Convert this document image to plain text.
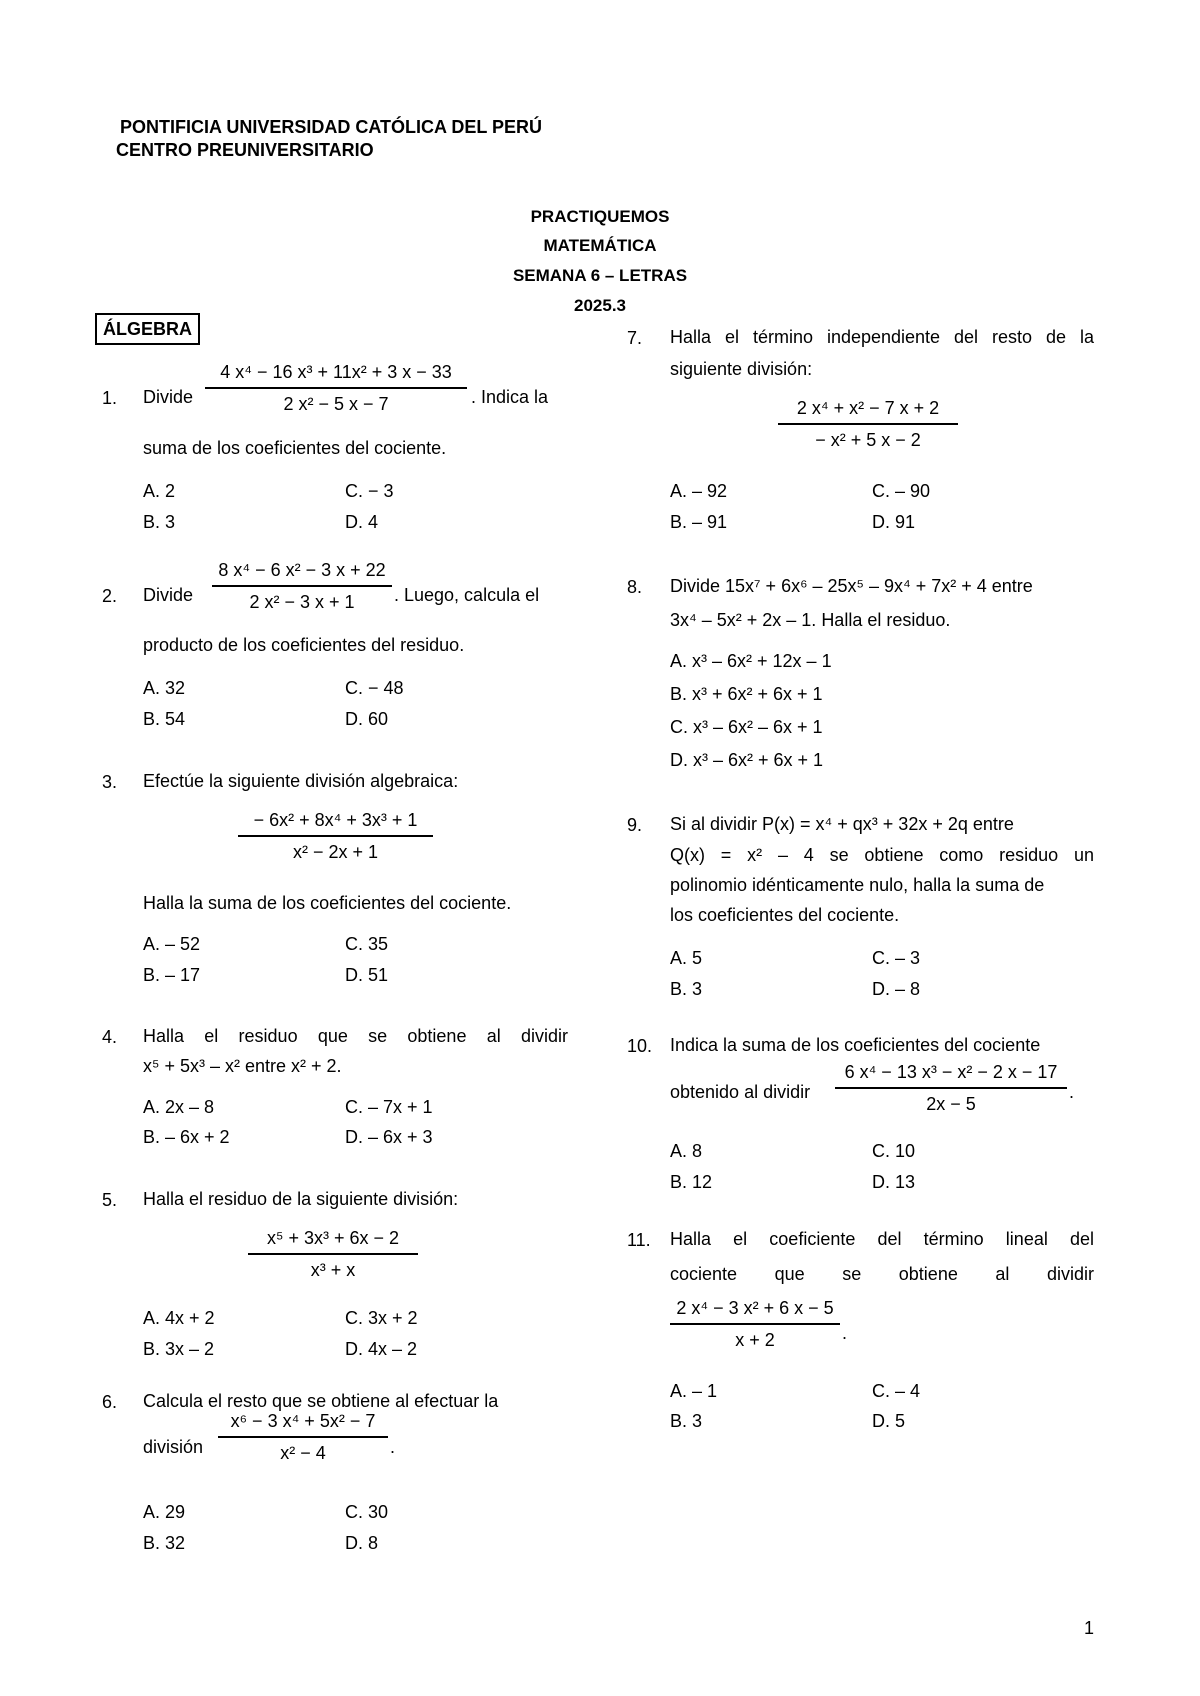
PONTIFICIA UNIVERSIDAD CATÓLICA DEL PERÚ
CENTRO PREUNIVERSITARIO
PRACTIQUEMOS
MATEMÁTICA
SEMANA 6 – LETRAS
2025.3
ÁLGEBRA
1. Divide
4 x⁴ − 16 x³ + 11x² + 3 x − 33
2 x² − 5 x − 7	. Indica la
suma de los coeficientes del cociente.
A. 2
B. 3
C. − 3
D. 4
2. Divide
8 x⁴ − 6 x² − 3 x + 22
2 x² − 3 x + 1	. Luego, calcula el
producto de los coeficientes del residuo.
A. 32
B. 54
C. − 48
D. 60
3. Efectúe la siguiente división algebraica:
− 6x² + 8x⁴ + 3x³ + 1
x² − 2x + 1
Halla la suma de los coeficientes del cociente.
A. – 52
B. – 17
C. 35
D. 51
4. Halla el residuo que se obtiene al dividir
x⁵ + 5x³ – x² entre x² + 2.
A. 2x – 8
B. – 6x + 2
C. – 7x + 1
D. – 6x + 3
5. Halla el residuo de la siguiente división:
x⁵ + 3x³ + 6x − 2
x³ + x
A. 4x + 2
B. 3x – 2
C. 3x + 2
D. 4x – 2
6. Calcula el resto que se obtiene al efectuar la
división
x⁶ − 3 x⁴ + 5x² − 7
x² − 4	.
A. 29
B. 32
C. 30
D. 8
7. Halla el término independiente del resto de la
siguiente división:
2 x⁴ + x² − 7 x + 2
− x² + 5 x − 2
A. – 92
B. – 91
C. – 90
D. 91
8. Divide 15x⁷ + 6x⁶ – 25x⁵ – 9x⁴ + 7x² + 4 entre
3x⁴ – 5x² + 2x – 1. Halla el residuo.
A. x³ – 6x² + 12x – 1
B. x³ + 6x² + 6x + 1
C. x³ – 6x² – 6x + 1
D. x³ – 6x² + 6x + 1
9. Si al dividir P(x) = x⁴ + qx³ + 32x + 2q entre
Q(x) = x² – 4 se obtiene como residuo un
polinomio idénticamente nulo, halla la suma de
los coeficientes del cociente.
A. 5
B. 3
C. – 3
D. – 8
10. Indica la suma de los coeficientes del cociente
obtenido al dividir
6 x⁴ − 13 x³ − x² − 2 x − 17
2x − 5
.
A. 8
B. 12
C. 10
D. 13
11. Halla el coeficiente del término lineal del
cociente que se obtiene al dividir
2 x⁴ − 3 x² + 6 x − 5
x + 2	.
A. – 1
B. 3
C. – 4
D. 5
1
